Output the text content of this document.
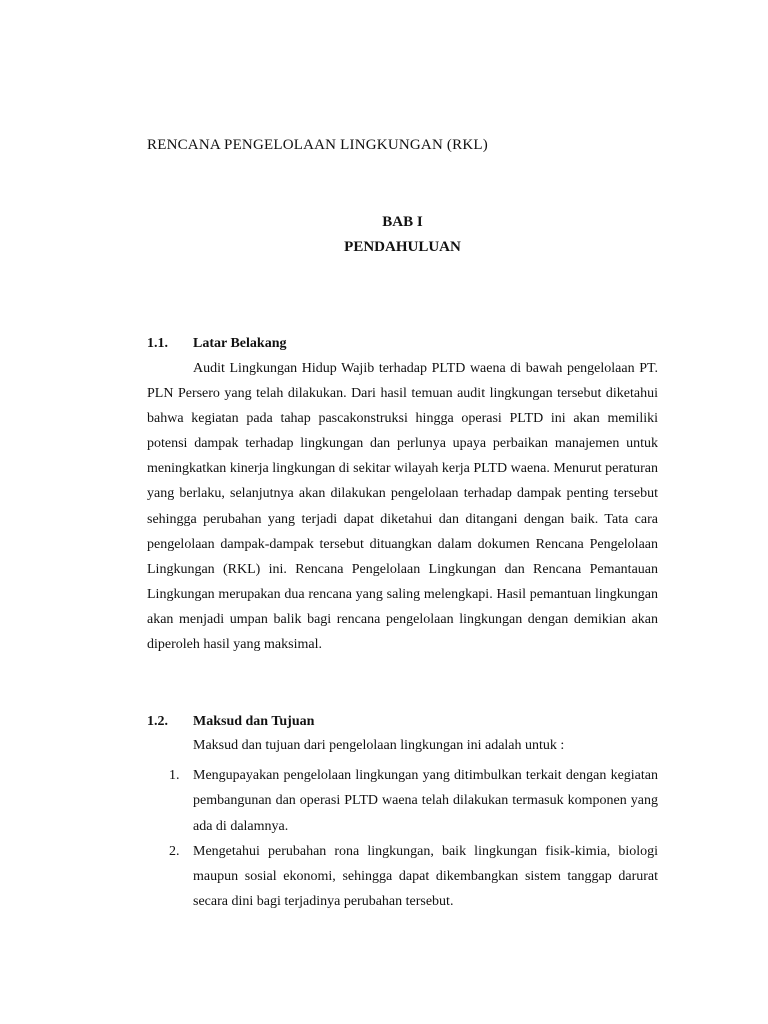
RENCANA PENGELOLAAN LINGKUNGAN (RKL)
BAB I
PENDAHULUAN
1.1. Latar Belakang

Audit Lingkungan Hidup Wajib terhadap PLTD waena di bawah pengelolaan PT. PLN Persero yang telah dilakukan. Dari hasil temuan audit lingkungan tersebut diketahui bahwa kegiatan pada tahap pascakonstruksi hingga operasi PLTD ini akan memiliki potensi dampak terhadap lingkungan dan perlunya upaya perbaikan manajemen untuk meningkatkan kinerja lingkungan di sekitar wilayah kerja PLTD waena. Menurut peraturan yang berlaku, selanjutnya akan dilakukan pengelolaan terhadap dampak penting tersebut sehingga perubahan yang terjadi dapat diketahui dan ditangani dengan baik. Tata cara pengelolaan dampak-dampak tersebut dituangkan dalam dokumen Rencana Pengelolaan Lingkungan (RKL) ini. Rencana Pengelolaan Lingkungan dan Rencana Pemantauan Lingkungan merupakan dua rencana yang saling melengkapi. Hasil pemantuan lingkungan akan menjadi umpan balik bagi rencana pengelolaan lingkungan dengan demikian akan diperoleh hasil yang maksimal.

1.2. Maksud dan Tujuan
Maksud dan tujuan dari pengelolaan lingkungan ini adalah untuk :
1. Mengupayakan pengelolaan lingkungan yang ditimbulkan terkait dengan kegiatan pembangunan dan operasi PLTD waena telah dilakukan termasuk komponen yang ada di dalamnya.
2. Mengetahui perubahan rona lingkungan, baik lingkungan fisik-kimia, biologi maupun sosial ekonomi, sehingga dapat dikembangkan sistem tanggap darurat secara dini bagi terjadinya perubahan tersebut.
